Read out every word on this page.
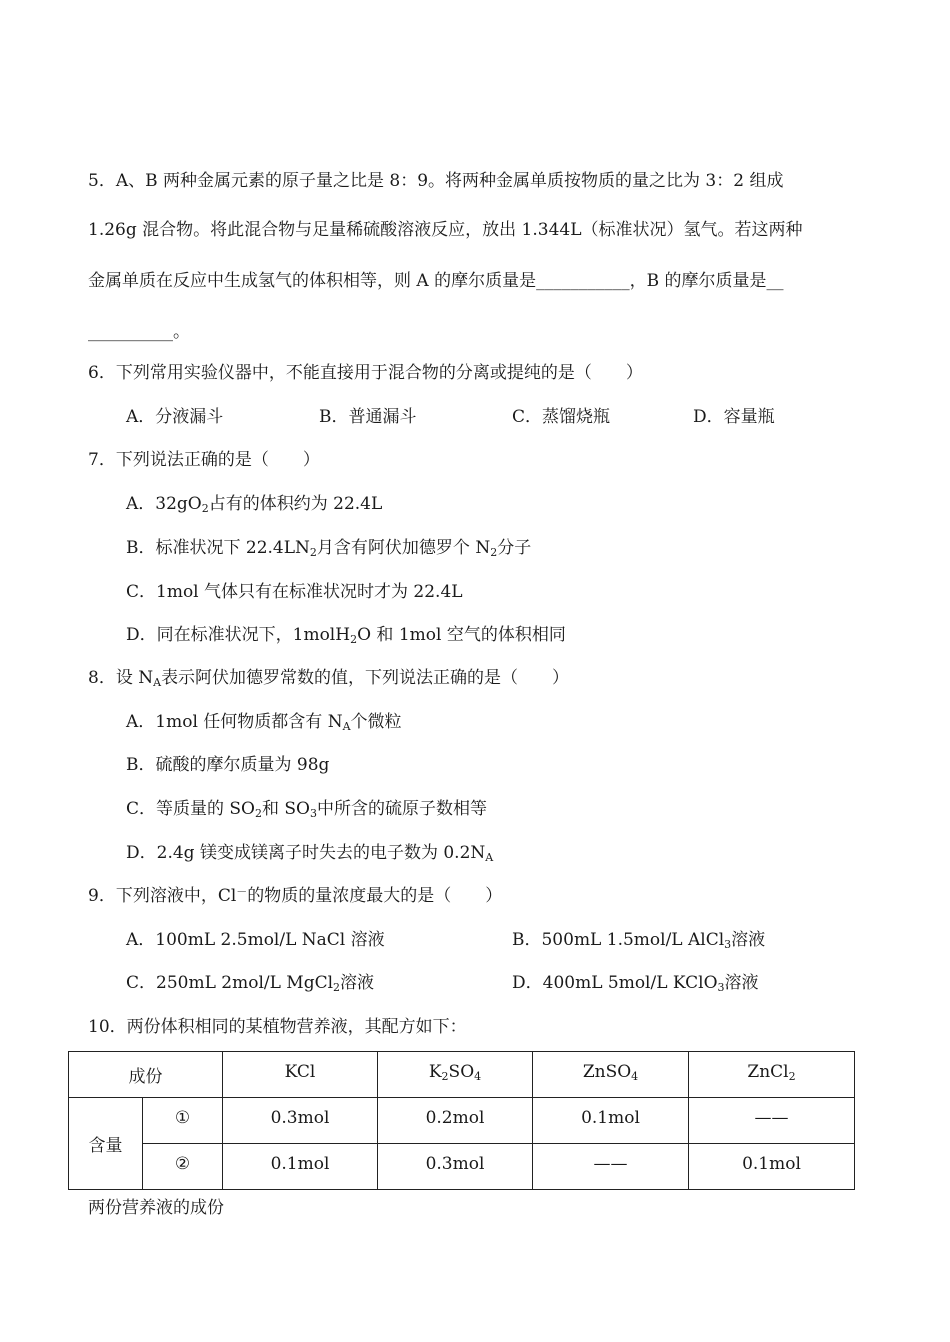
5．A、B 两种金属元素的原子量之比是 8：9。将两种金属单质按物质的量之比为 3：2 组成
1.26g 混合物。将此混合物与足量稀硫酸溶液反应，放出 1.344L（标准状况）氢气。若这两种
金属单质在反应中生成氢气的体积相等，则 A 的摩尔质量是___________，B 的摩尔质量是__
__________。
6．下列常用实验仪器中，不能直接用于混合物的分离或提纯的是（　　）
A．分液漏斗	B．普通漏斗	C．蒸馏烧瓶	D．容量瓶
7．下列说法正确的是（　　）
A．$32gO_2$占有的体积约为 22.4L
B．标准状况下 $22.4LN_2$月含有阿伏加德罗个 $N_2$分子
C．1mol 气体只有在标准状况时才为 22.4L
D．同在标准状况下，1molH$_2$O 和 1mol 空气的体积相同
8．设 $N_A$表示阿伏加德罗常数的值，下列说法正确的是（　　）
A．1mol 任何物质都含有 $N_A$个微粒
B．硫酸的摩尔质量为 98g
C．等质量的 $SO_2$和 $SO_3$中所含的硫原子数相等
D．2.4g 镁变成镁离子时失去的电子数为 $0.2N_A$
9．下列溶液中，Cl－的物质的量浓度最大的是（　　）
A．100mL 2.5mol/L NaCl 溶液	B．500mL 1.5mol/L AlCl$_3$溶液
C．250mL 2mol/L MgCl$_2$溶液	D．400mL 5mol/L KClO$_3$溶液
10．两份体积相同的某植物营养液，其配方如下：
成份		KCl	$K_2SO_4$	ZnSO$_4$	ZnCl$_2$
含量	①	0.3mol	0.2mol	0.1mol	——
	②	0.1mol	0.3mol	——	0.1mol
两份营养液的成份
